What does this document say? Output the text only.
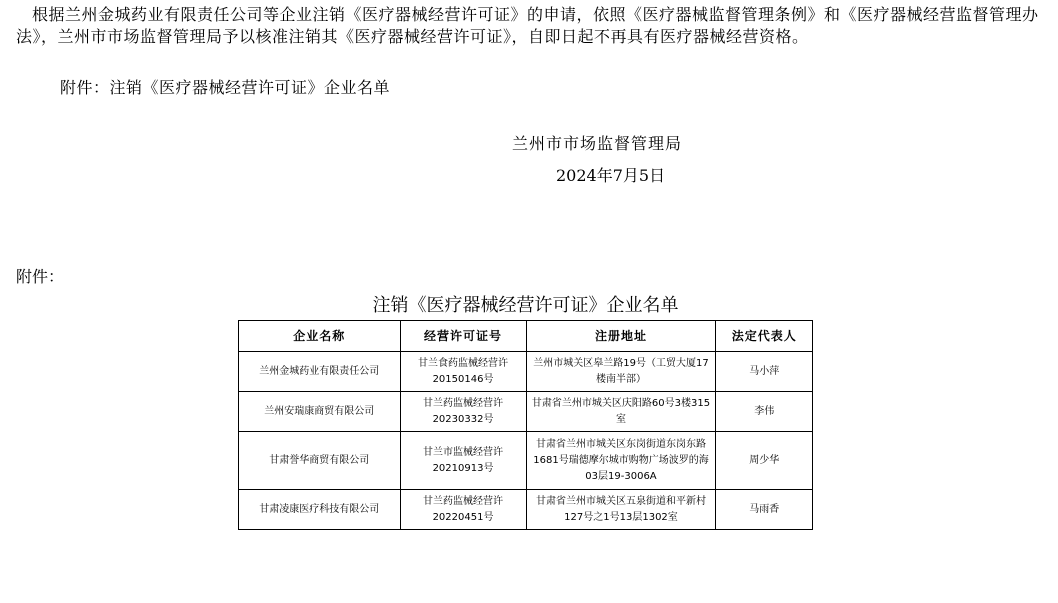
根据兰州金城药业有限责任公司等企业注销《医疗器械经营许可证》的申请，依照《医疗器械监督管理条例》和《医疗器械经营监督管理办法》，兰州市市场监督管理局予以核准注销其《医疗器械经营许可证》，自即日起不再具有医疗器械经营资格。

附件：注销《医疗器械经营许可证》企业名单
兰州市市场监督管理局
2024年7月5日
附件：
注销《医疗器械经营许可证》企业名单
企业名称	经营许可证号	注册地址	法定代表人
兰州金城药业有限责任公司	甘兰食药监械经营许20150146号	兰州市城关区皋兰路19号（工贸大厦17楼南半部）	马小萍
兰州安瑞康商贸有限公司	甘兰药监械经营许20230332号	甘肃省兰州市城关区庆阳路60号3楼315室	李伟
甘肃誉华商贸有限公司	甘兰市监械经营许20210913号	甘肃省兰州市城关区东岗街道东岗东路1681号瑞德摩尔城市购物广场波罗的海03层19-3006A	周少华
甘肃凌康医疗科技有限公司	甘兰药监械经营许20220451号	甘肃省兰州市城关区五泉街道和平新村127号之1号13层1302室	马雨香
